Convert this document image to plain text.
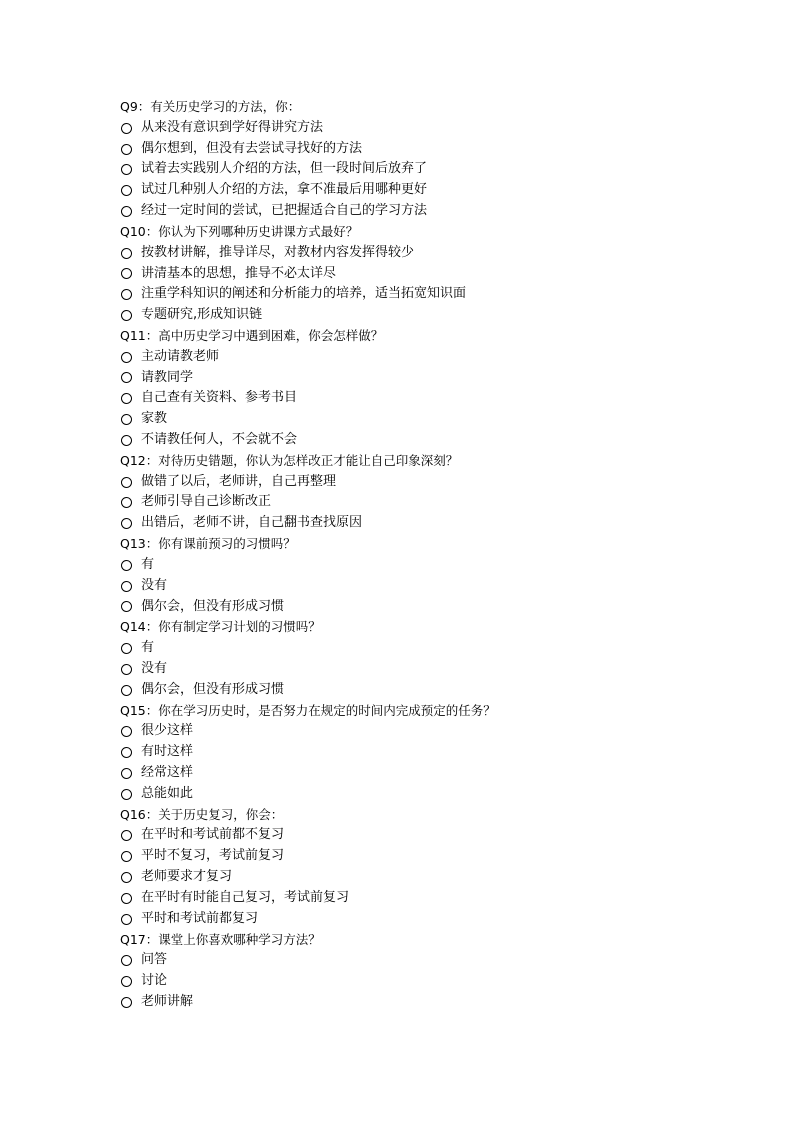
Q9：有关历史学习的方法，你：
从来没有意识到学好得讲究方法
偶尔想到，但没有去尝试寻找好的方法
试着去实践别人介绍的方法，但一段时间后放弃了
试过几种别人介绍的方法，拿不准最后用哪种更好
经过一定时间的尝试，已把握适合自己的学习方法
Q10：你认为下列哪种历史讲课方式最好？
按教材讲解，推导详尽，对教材内容发挥得较少
讲清基本的思想，推导不必太详尽
注重学科知识的阐述和分析能力的培养，适当拓宽知识面
专题研究,形成知识链
Q11：高中历史学习中遇到困难，你会怎样做？
主动请教老师
请教同学
自己查有关资料、参考书目
家教
不请教任何人，不会就不会
Q12：对待历史错题，你认为怎样改正才能让自己印象深刻？
做错了以后，老师讲，自己再整理
老师引导自己诊断改正
出错后，老师不讲，自己翻书查找原因
Q13：你有课前预习的习惯吗？
有
没有
偶尔会，但没有形成习惯
Q14：你有制定学习计划的习惯吗？
有
没有
偶尔会，但没有形成习惯
Q15：你在学习历史时，是否努力在规定的时间内完成预定的任务？
很少这样
有时这样
经常这样
总能如此
Q16：关于历史复习，你会：
在平时和考试前都不复习
平时不复习，考试前复习
老师要求才复习
在平时有时能自己复习，考试前复习
平时和考试前都复习
Q17：课堂上你喜欢哪种学习方法？
问答
讨论
老师讲解
